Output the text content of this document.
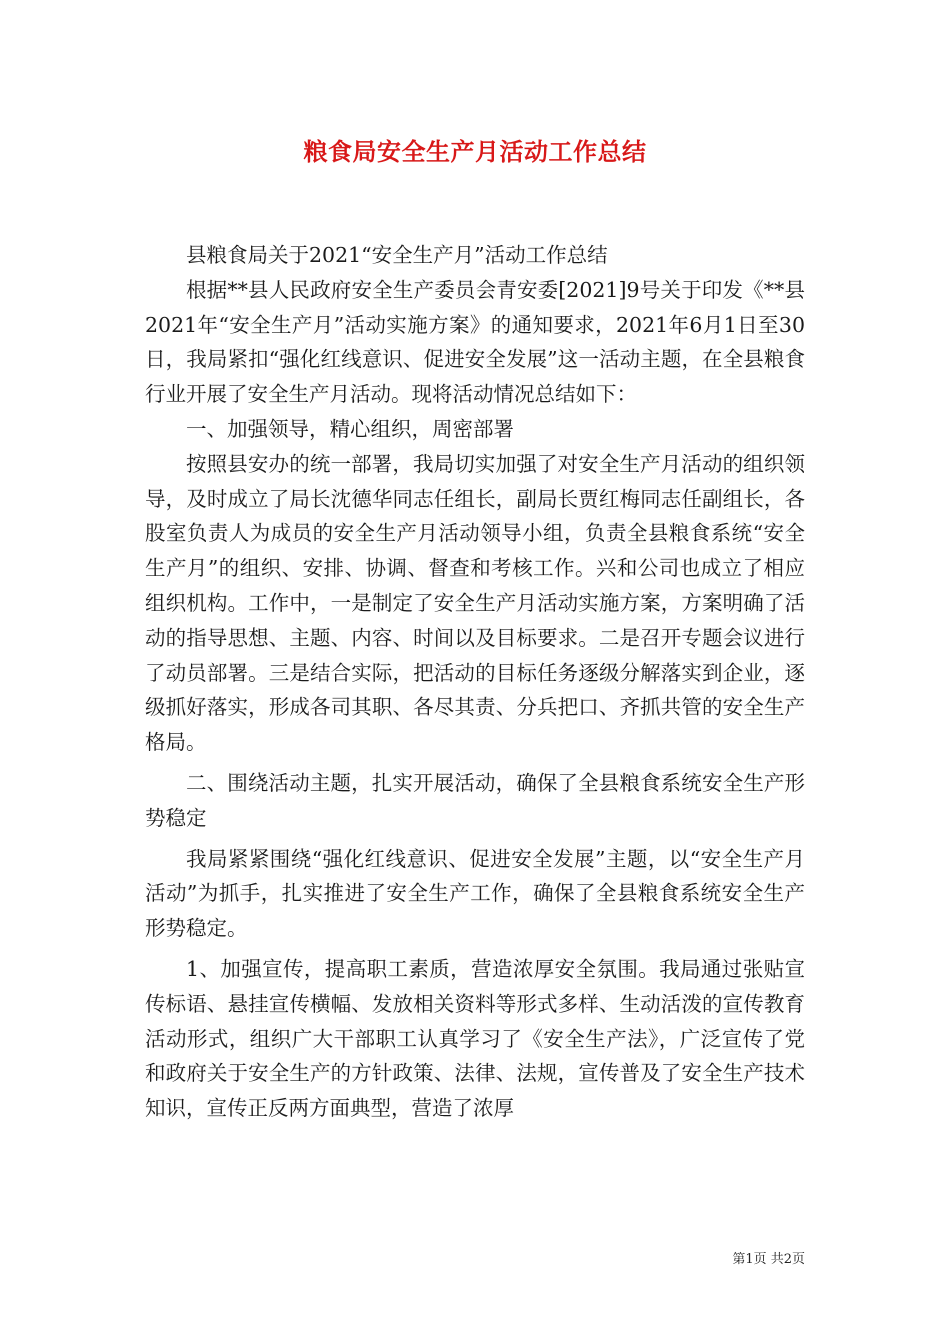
粮食局安全生产月活动工作总结

县粮食局关于2021“安全生产月”活动工作总结

根据**县人民政府安全生产委员会青安委[2021]9号关于印发《**县2021年“安全生产月”活动实施方案》的通知要求，2021年6月1日至30日，我局紧扣“强化红线意识、促进安全发展”这一活动主题，在全县粮食行业开展了安全生产月活动。现将活动情况总结如下：

一、加强领导，精心组织，周密部署

按照县安办的统一部署，我局切实加强了对安全生产月活动的组织领导，及时成立了局长沈德华同志任组长，副局长贾红梅同志任副组长，各股室负责人为成员的安全生产月活动领导小组，负责全县粮食系统“安全生产月”的组织、安排、协调、督查和考核工作。兴和公司也成立了相应组织机构。工作中，一是制定了安全生产月活动实施方案，方案明确了活动的指导思想、主题、内容、时间以及目标要求。二是召开专题会议进行了动员部署。三是结合实际，把活动的目标任务逐级分解落实到企业，逐级抓好落实，形成各司其职、各尽其责、分兵把口、齐抓共管的安全生产格局。

二、围绕活动主题，扎实开展活动，确保了全县粮食系统安全生产形势稳定

我局紧紧围绕“强化红线意识、促进安全发展”主题，以“安全生产月活动”为抓手，扎实推进了安全生产工作，确保了全县粮食系统安全生产形势稳定。

1、加强宣传，提高职工素质，营造浓厚安全氛围。我局通过张贴宣传标语、悬挂宣传横幅、发放相关资料等形式多样、生动活泼的宣传教育活动形式，组织广大干部职工认真学习了《安全生产法》，广泛宣传了党和政府关于安全生产的方针政策、法律、法规，宣传普及了安全生产技术知识，宣传正反两方面典型，营造了浓厚

第1页 共2页
